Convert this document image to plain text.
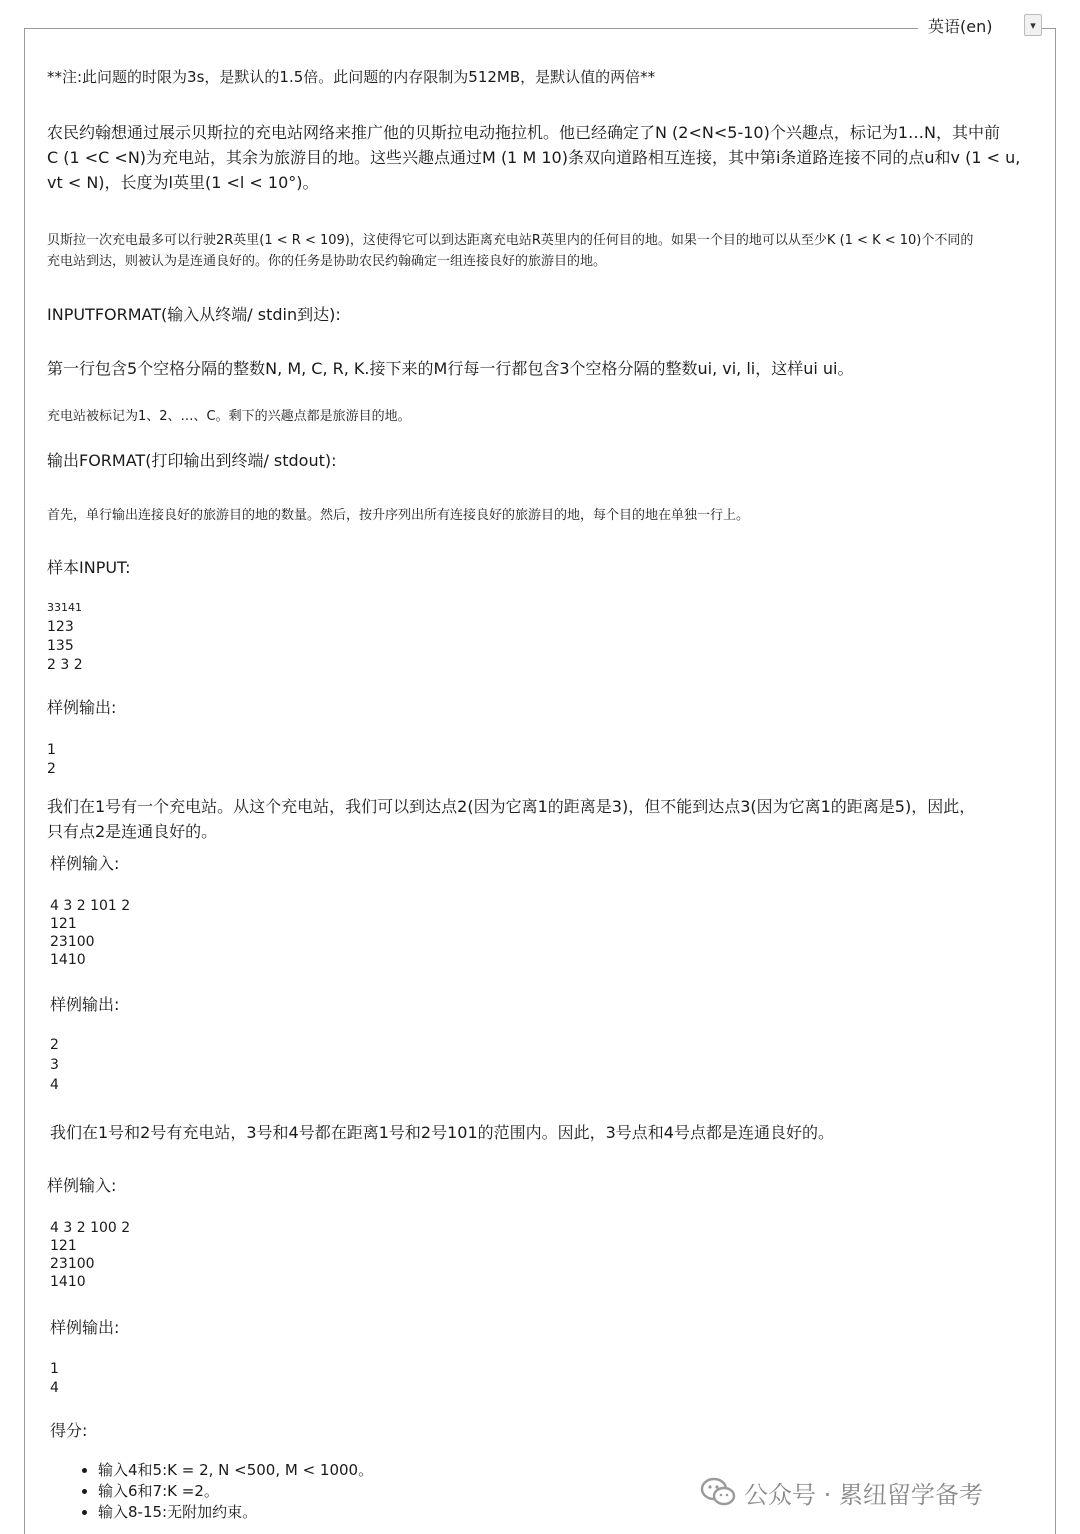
英语(en)	▾
**注:此问题的时限为3s，是默认的1.5倍。此问题的内存限制为512MB，是默认值的两倍**
农民约翰想通过展示贝斯拉的充电站网络来推广他的贝斯拉电动拖拉机。他已经确定了N (2<N<5-10)个兴趣点，标记为1…N，其中前
C (1 <C <N)为充电站，其余为旅游目的地。这些兴趣点通过M (1 M 10)条双向道路相互连接，其中第i条道路连接不同的点u和v (1 < u,
vt < N)，长度为l英里(1 <l < 10°)。
贝斯拉一次充电最多可以行驶2R英里(1 < R < 109)，这使得它可以到达距离充电站R英里内的任何目的地。如果一个目的地可以从至少K (1 < K < 10)个不同的
充电站到达，则被认为是连通良好的。你的任务是协助农民约翰确定一组连接良好的旅游目的地。
INPUTFORMAT(输入从终端/ stdin到达):
第一行包含5个空格分隔的整数N, M, C, R, K.接下来的M行每一行都包含3个空格分隔的整数ui, vi, li，这样ui ui。
充电站被标记为1、2、…、C。剩下的兴趣点都是旅游目的地。
输出FORMAT(打印输出到终端/ stdout):
首先，单行输出连接良好的旅游目的地的数量。然后，按升序列出所有连接良好的旅游目的地，每个目的地在单独一行上。
样本INPUT:
33141
123
135
2 3 2
样例输出:
1
2
我们在1号有一个充电站。从这个充电站，我们可以到达点2(因为它离1的距离是3)，但不能到达点3(因为它离1的距离是5)，因此，
只有点2是连通良好的。
样例输入:
4 3 2 101 2
121
23100
1410
样例输出:
2
3
4
我们在1号和2号有充电站，3号和4号都在距离1号和2号101的范围内。因此，3号点和4号点都是连通良好的。
样例输入:
4 3 2 100 2
121
23100
1410
样例输出:
1
4
得分:
• 输入4和5:K = 2, N <500, M < 1000。
• 输入6和7:K =2。
• 输入8-15:无附加约束。
公众号 · 累纽留学备考
